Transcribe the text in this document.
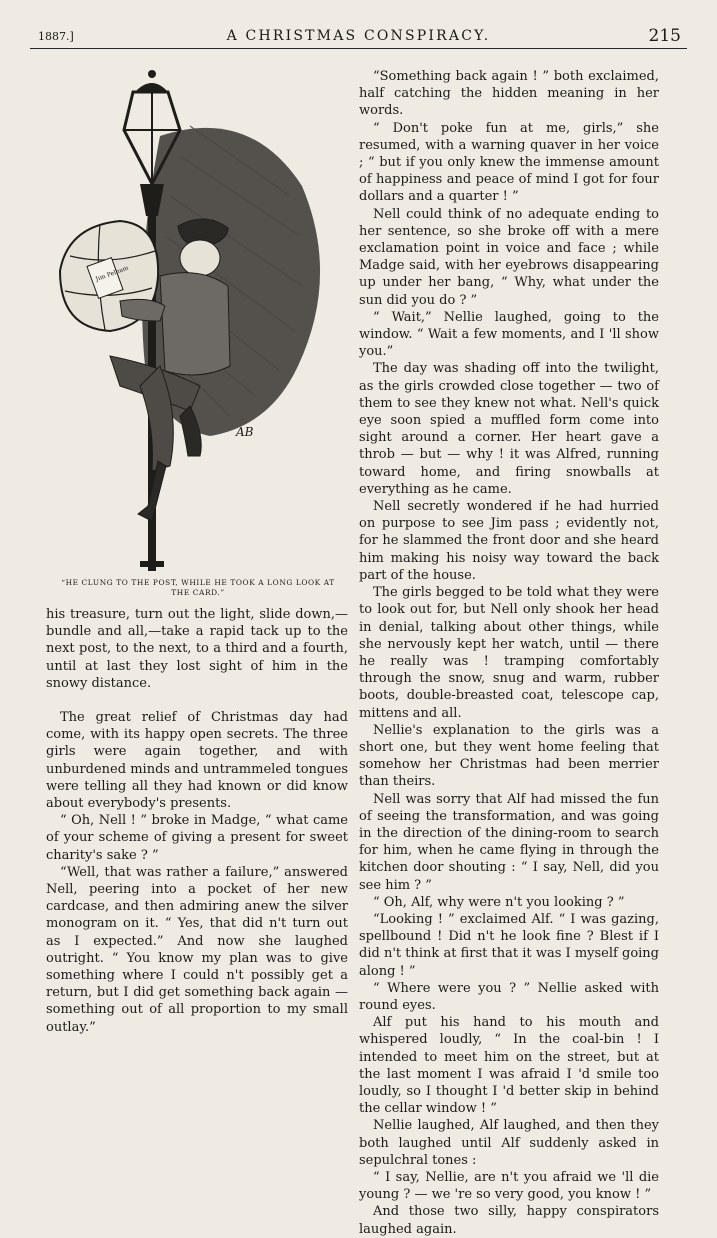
1887.]	A CHRISTMAS CONSPIRACY.	215
Jim Pelham
AB
“HE CLUNG TO THE POST, WHILE HE TOOK A LONG LOOK AT THE CARD.”

his treasure, turn out the light, slide down,—bundle and all,—take a rapid tack up to the next post, to the next, to a third and a fourth, until at last they lost sight of him in the snowy distance.

The great relief of Christmas day had come, with its happy open secrets. The three girls were again together, and with unburdened minds and untrammeled tongues were telling all they had known or did know about everybody's presents.

“ Oh, Nell ! ” broke in Madge, “ what came of your scheme of giving a present for sweet charity's sake ? ”

“Well, that was rather a failure,” answered Nell, peering into a pocket of her new cardcase, and then admiring anew the silver monogram on it. “ Yes, that did n't turn out as I expected.” And now she laughed outright. “ You know my plan was to give something where I could n't possibly get a return, but I did get something back again — something out of all proportion to my small outlay.”

“Something back again ! ” both exclaimed, half catching the hidden meaning in her words.

“ Don't poke fun at me, girls,” she resumed, with a warning quaver in her voice ; “ but if you only knew the immense amount of happiness and peace of mind I got for four dollars and a quarter ! ”

Nell could think of no adequate ending to her sentence, so she broke off with a mere exclamation point in voice and face ; while Madge said, with her eyebrows disappearing up under her bang, “ Why, what under the sun did you do ? ”

“ Wait,” Nellie laughed, going to the window. “ Wait a few moments, and I 'll show you.”

The day was shading off into the twilight, as the girls crowded close together — two of them to see they knew not what. Nell's quick eye soon spied a muffled form come into sight around a corner. Her heart gave a throb — but — why ! it was Alfred, running toward home, and firing snowballs at everything as he came.

Nell secretly wondered if he had hurried on purpose to see Jim pass ; evidently not, for he slammed the front door and she heard him making his noisy way toward the back part of the house.

The girls begged to be told what they were to look out for, but Nell only shook her head in denial, talking about other things, while she nervously kept her watch, until — there he really was ! tramping comfortably through the snow, snug and warm, rubber boots, double-breasted coat, telescope cap, mittens and all.

Nellie's explanation to the girls was a short one, but they went home feeling that somehow her Christmas had been merrier than theirs.

Nell was sorry that Alf had missed the fun of seeing the transformation, and was going in the direction of the dining-room to search for him, when he came flying in through the kitchen door shouting : “ I say, Nell, did you see him ? ”

“ Oh, Alf, why were n't you looking ? ”

“Looking ! ” exclaimed Alf. “ I was gazing, spellbound ! Did n't he look fine ? Blest if I did n't think at first that it was I myself going along ! ”

“ Where were you ? ” Nellie asked with round eyes.

Alf put his hand to his mouth and whispered loudly, “ In the coal-bin ! I intended to meet him on the street, but at the last moment I was afraid I 'd smile too loudly, so I thought I 'd better skip in behind the cellar window ! ”

Nellie laughed, Alf laughed, and then they both laughed until Alf suddenly asked in sepulchral tones :

“ I say, Nellie, are n't you afraid we 'll die young ? — we 're so very good, you know ! ”

And those two silly, happy conspirators laughed again.
